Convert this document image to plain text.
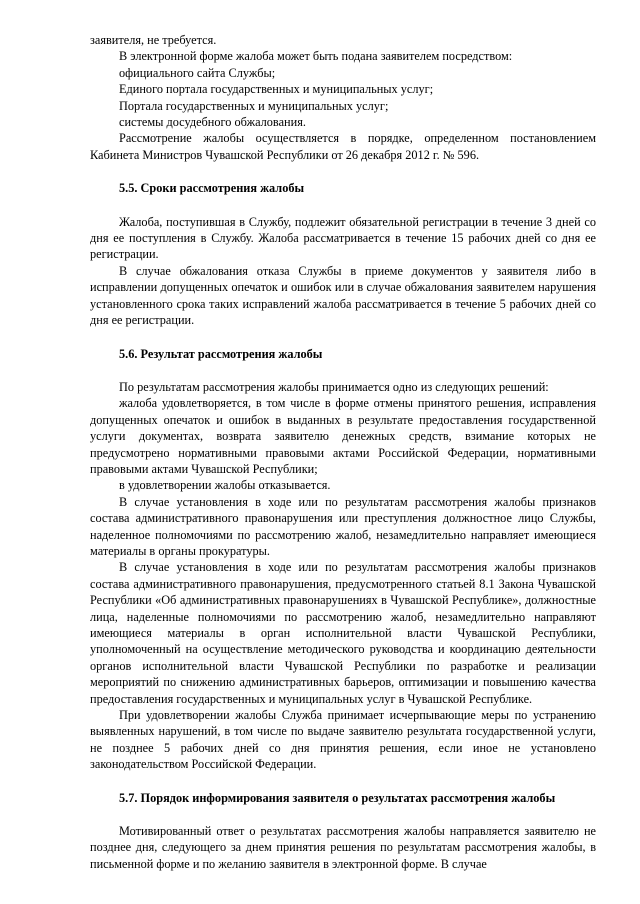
заявителя, не требуется.

В электронной форме жалоба может быть подана заявителем посредством:

официального сайта Службы;

Единого портала государственных и муниципальных услуг;

Портала государственных и муниципальных услуг;

системы досудебного обжалования.

Рассмотрение жалобы осуществляется в порядке, определенном постановлением Кабинета Министров Чувашской Республики от 26 декабря 2012 г. № 596.

5.5. Сроки рассмотрения жалобы

Жалоба, поступившая в Службу, подлежит обязательной регистрации в течение 3 дней со дня ее поступления в Службу. Жалоба рассматривается в течение 15 рабочих дней со дня ее регистрации.

В случае обжалования отказа Службы в приеме документов у заявителя либо в исправлении допущенных опечаток и ошибок или в случае обжалования заявителем нарушения установленного срока таких исправлений жалоба рассматривается в течение 5 рабочих дней со дня ее регистрации.

5.6. Результат рассмотрения жалобы

По результатам рассмотрения жалобы принимается одно из следующих решений:

жалоба удовлетворяется, в том числе в форме отмены принятого решения, исправления допущенных опечаток и ошибок в выданных в результате предоставления государственной услуги документах, возврата заявителю денежных средств, взимание которых не предусмотрено нормативными правовыми актами Российской Федерации, нормативными правовыми актами Чувашской Республики;

в удовлетворении жалобы отказывается.

В случае установления в ходе или по результатам рассмотрения жалобы признаков состава административного правонарушения или преступления должностное лицо Службы, наделенное полномочиями по рассмотрению жалоб, незамедлительно направляет имеющиеся материалы в органы прокуратуры.

В случае установления в ходе или по результатам рассмотрения жалобы признаков состава административного правонарушения, предусмотренного статьей 8.1 Закона Чувашской Республики «Об административных правонарушениях в Чувашской Республике», должностные лица, наделенные полномочиями по рассмотрению жалоб, незамедлительно направляют имеющиеся материалы в орган исполнительной власти Чувашской Республики, уполномоченный на осуществление методического руководства и координацию деятельности органов исполнительной власти Чувашской Республики по разработке и реализации мероприятий по снижению административных барьеров, оптимизации и повышению качества предоставления государственных и муниципальных услуг в Чувашской Республике.

При удовлетворении жалобы Служба принимает исчерпывающие меры по устранению выявленных нарушений, в том числе по выдаче заявителю результата государственной услуги, не позднее 5 рабочих дней со дня принятия решения, если иное не установлено законодательством Российской Федерации.

5.7. Порядок информирования заявителя о результатах рассмотрения жалобы

Мотивированный ответ о результатах рассмотрения жалобы направляется заявителю не позднее дня, следующего за днем принятия решения по результатам рассмотрения жалобы, в письменной форме и по желанию заявителя в электронной форме. В случае
